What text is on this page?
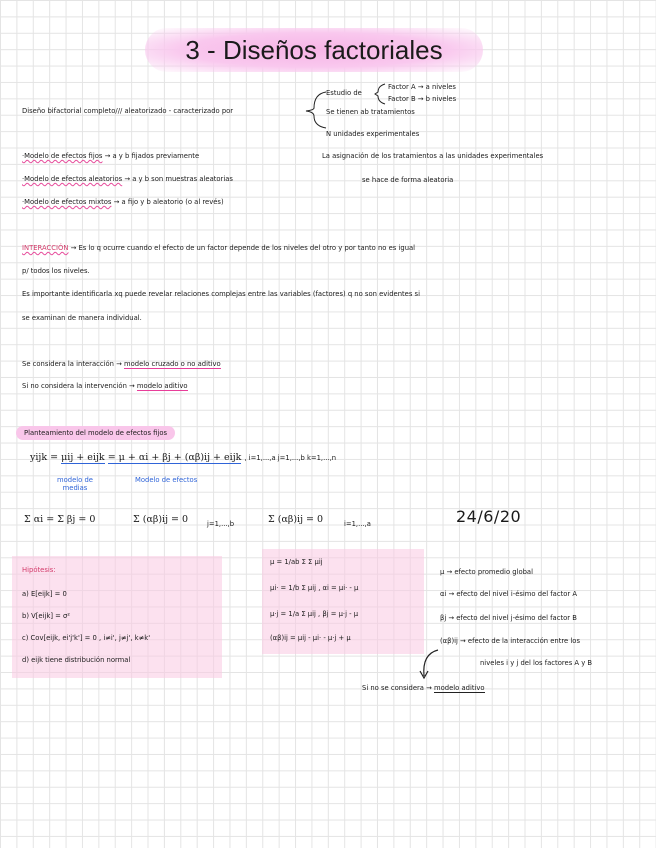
3 - Diseños factoriales
Diseño bifactorial completo/// aleatorizado - caracterizado por
Estudio de
Factor A → a niveles
Factor B → b niveles
Se tienen ab tratamientos
N unidades experimentales
La asignación de los tratamientos a las unidades experimentales
se hace de forma aleatoria
·Modelo de efectos fijos → a y b fijados previamente
·Modelo de efectos aleatorios → a y b son muestras aleatorias
·Modelo de efectos mixtos → a fijo y b aleatorio (o al revés)
INTERACCIÓN → Es lo q ocurre cuando el efecto de un factor depende de los niveles del otro y por tanto no es igual
p/ todos los niveles.
Es importante identificarla xq puede revelar relaciones complejas entre las variables (factores) q no son evidentes si
se examinan de manera individual.
Se considera la interacción → modelo cruzado o no aditivo
Si no considera la intervención → modelo aditivo
Planteamiento del modelo de efectos fijos
yijk = μij + eijk = μ + αi + βj + (αβ)ij + eijk , i=1,...,a j=1,...,b k=1,...,n
modelo de medias
Modelo de efectos
Σ αi = Σ βj = 0	Σ (αβ)ij = 0	j=1,...,b	Σ (αβ)ij = 0	i=1,...,a	24/6/20
Hipótesis:
a) E[eijk] = 0
b) V[eijk] = σ²
c) Cov[eijk, ei'j'k'] = 0 , i≠i', j≠j', k≠k'
d) eijk tiene distribución normal
μ = 1/ab Σ Σ μij
μi· = 1/b Σ μij , αi = μi· - μ
μ·j = 1/a Σ μij , βj = μ·j - μ
(αβ)ij = μij - μi· - μ·j + μ
μ → efecto promedio global
αi → efecto del nivel i-ésimo del factor A
βj → efecto del nivel j-ésimo del factor B
(αβ)ij → efecto de la interacción entre los
niveles i y j del los factores A y B
Si no se considera → modelo aditivo
